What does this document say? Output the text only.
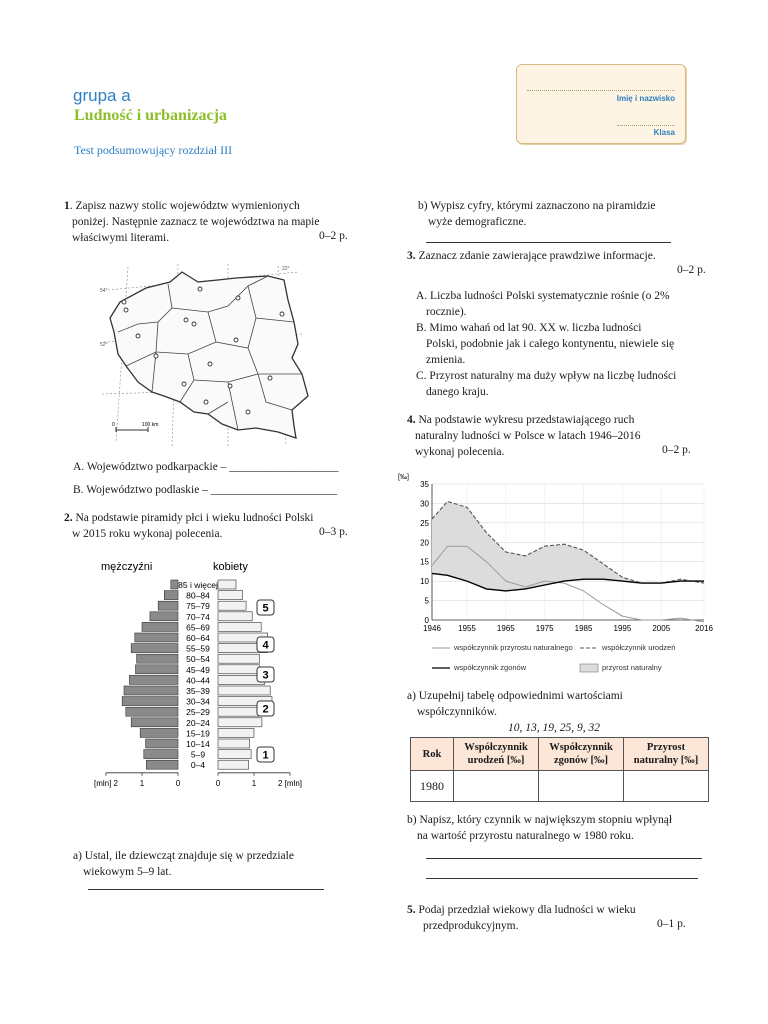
grupa a
Ludność i urbanizacja
Test podsumowujący rozdział III
Imię i nazwisko
Klasa
1. Zapisz nazwy stolic województw wymienionych
poniżej. Następnie zaznacz te województwa na mapie
właściwymi literami.	0–2 p.
54°
52°
22°
0	100 km
A. Województwo podkarpackie – ___________________
B. Województwo podlaskie – ______________________
2. Na podstawie piramidy płci i wieku ludności Polski
w 2015 roku wykonaj polecenia.	0–3 p.
mężczyźni	kobiety
85 i więcej
80–84
75–79
70–74
65–69
60–64
55–59
50–54
45–49
40–44
35–39
30–34
25–29
20–24
15–19
10–14
5–9
0–4
[mln] 2	1	0	0	1	2 [mln]
5
4
3
2
1
a) Ustal, ile dziewcząt znajduje się w przedziale
wiekowym 5–9 lat.
b) Wypisz cyfry, którymi zaznaczono na piramidzie
wyże demograficzne.
3. Zaznacz zdanie zawierające prawdziwe informacje.
0–2 p.
A. Liczba ludności Polski systematycznie rośnie (o 2%
rocznie).
B. Mimo wahań od lat 90. XX w. liczba ludności
Polski, podobnie jak i całego kontynentu, niewiele się
zmienia.
C. Przyrost naturalny ma duży wpływ na liczbę ludności
danego kraju.
4. Na podstawie wykresu przedstawiającego ruch
naturalny ludności w Polsce w latach 1946–2016
wykonaj polecenia.	0–2 p.
[‰]
0
5
10
15
20
25
30
35
1946 1955	1965	1975	1985	1995	2005	2016
współczynnik przyrostu naturalnego	współczynnik urodzeń
współczynnik zgonów	przyrost naturalny
a) Uzupełnij tabelę odpowiednimi wartościami
współczynników.
10, 13, 19, 25, 9, 32
Rok	Współczynnik urodzeń [‰]	Współczynnik zgonów [‰]	Przyrost naturalny [‰]
1980			
b) Napisz, który czynnik w największym stopniu wpłynął
na wartość przyrostu naturalnego w 1980 roku.
5. Podaj przedział wiekowy dla ludności w wieku
przedprodukcyjnym.	0–1 p.
